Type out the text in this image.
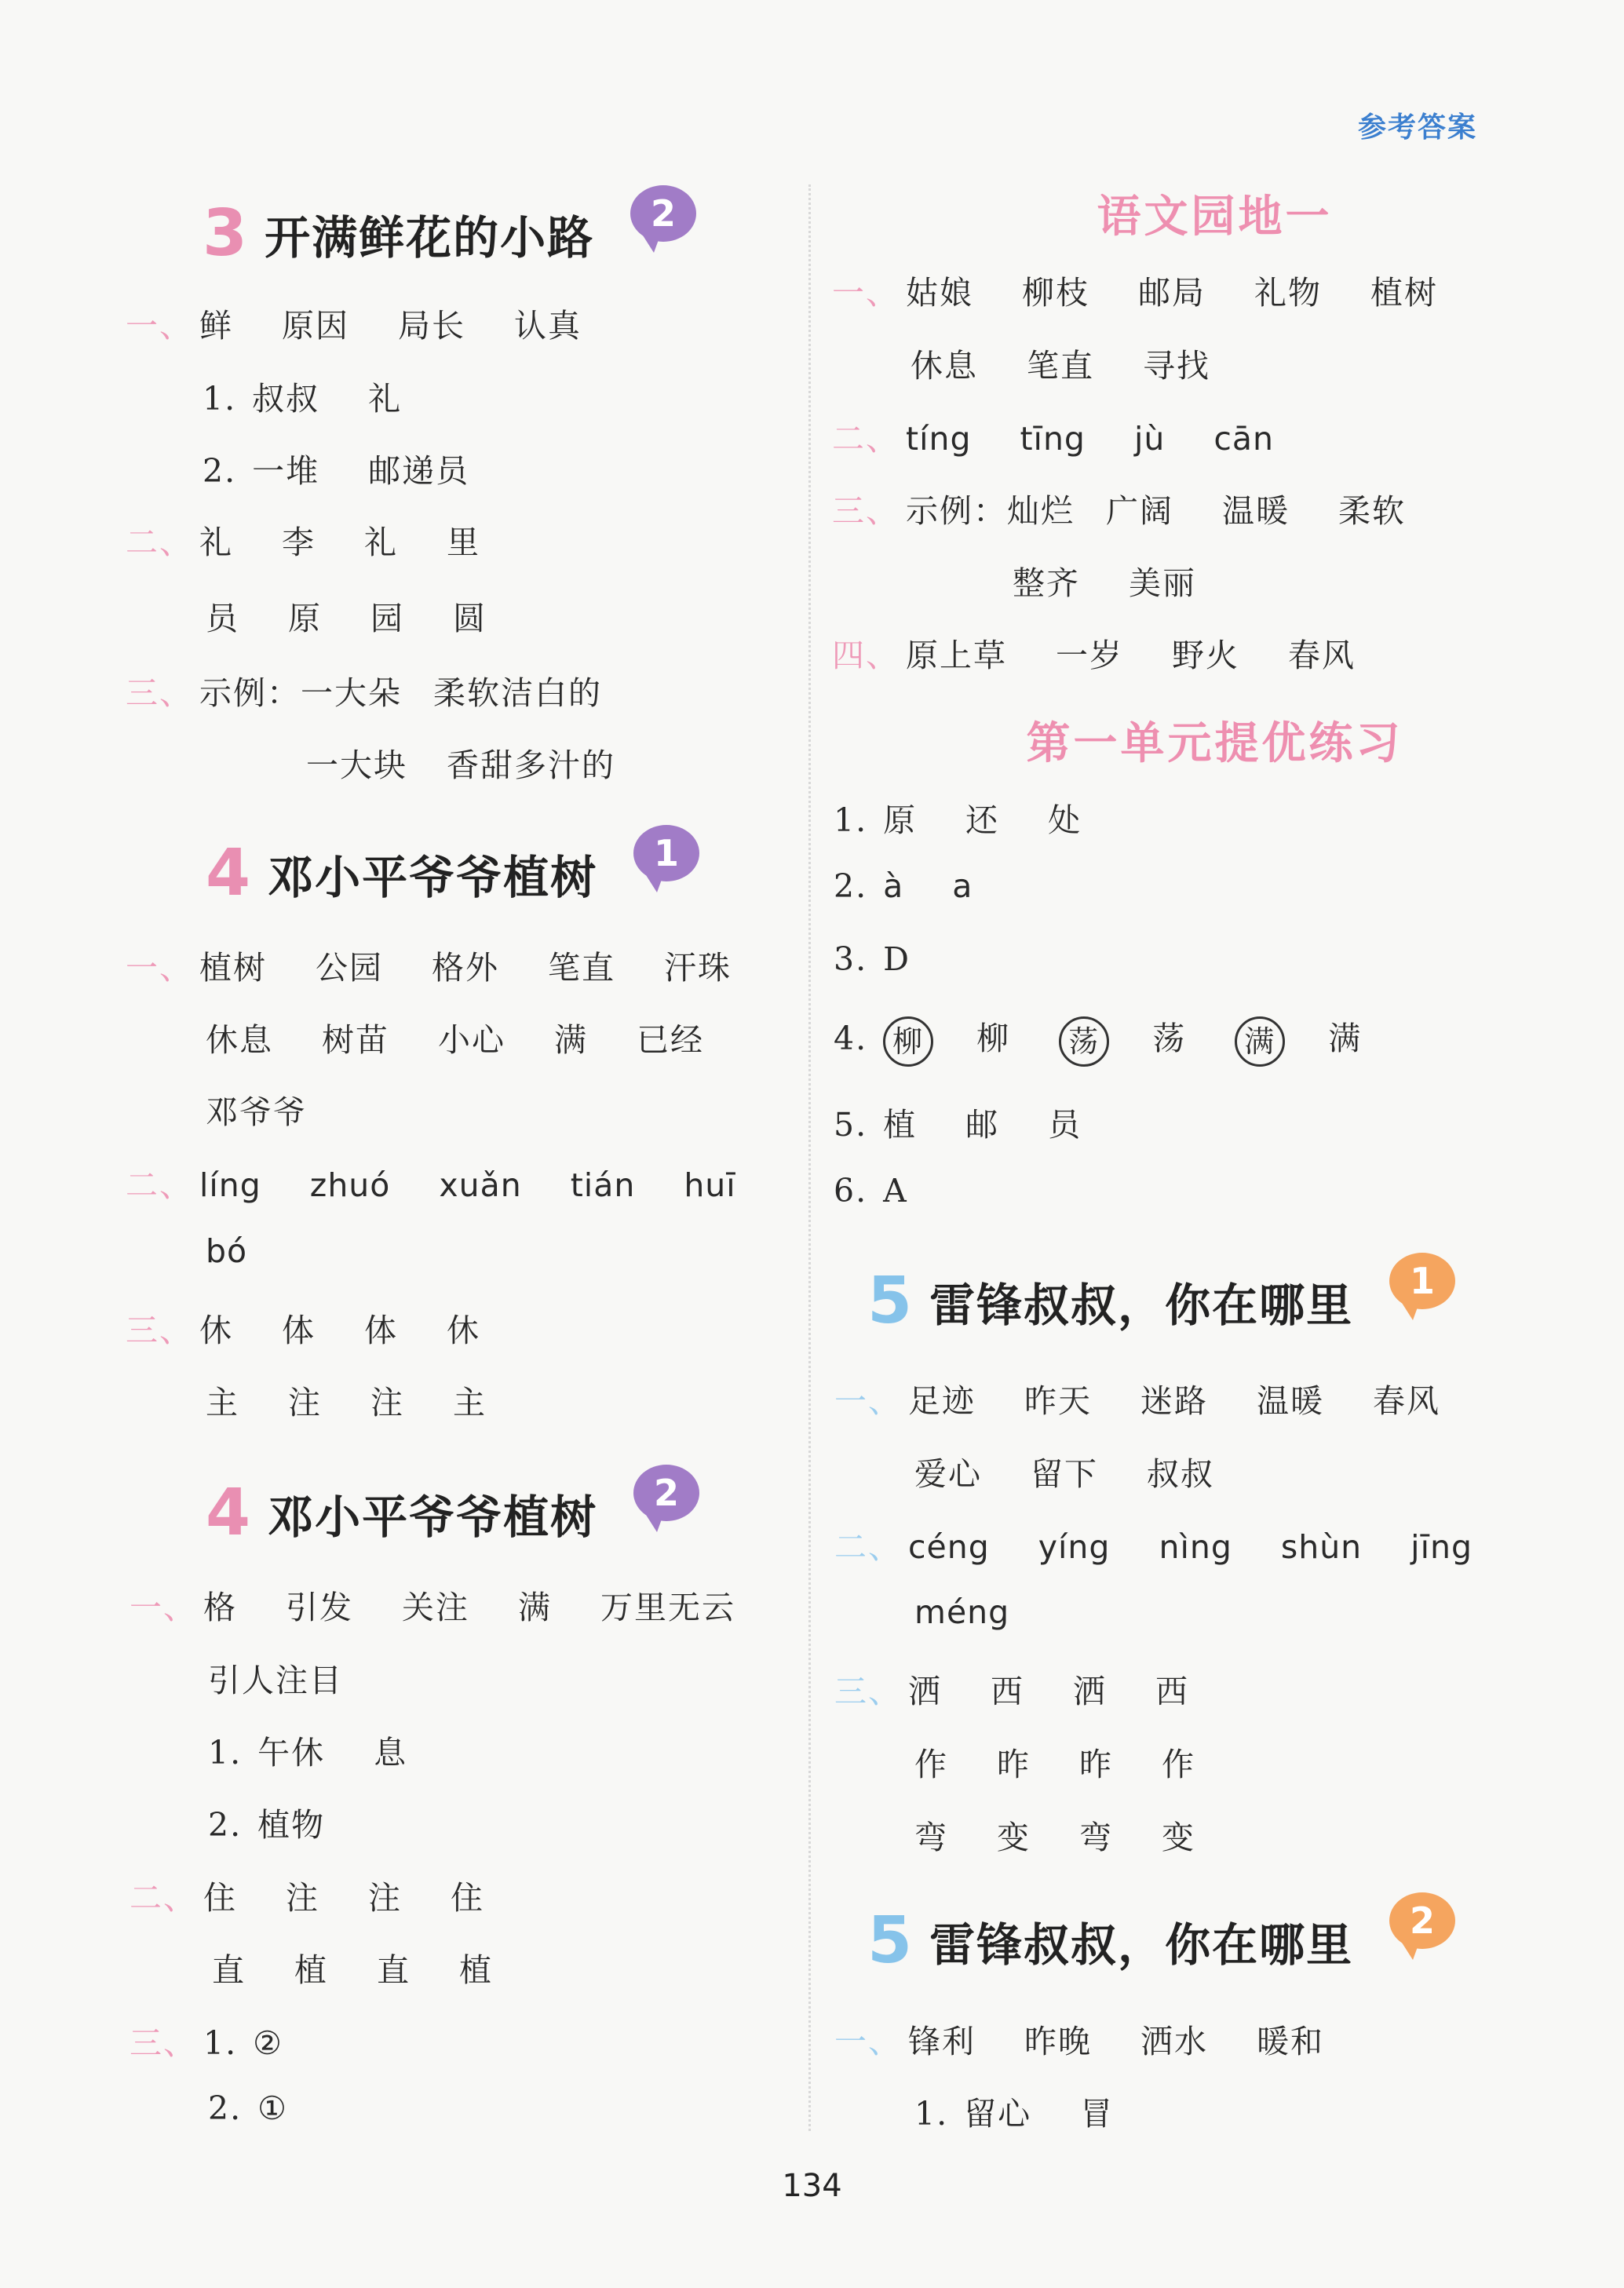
参考答案
3 开满鲜花的小路	2
一、 鲜 原因 局长 认真
1. 叔叔 礼
2. 一堆 邮递员
二、 礼 李 礼 里
员 原 园 圆
三、 示例：一大朵 柔软洁白的
一大块 香甜多汁的
4 邓小平爷爷植树	1
一、 植树 公园 格外 笔直 汗珠
休息 树苗 小心 满 已经
邓爷爷
二、 líng zhuó xuǎn tián huī
bó
三、 休 体 体 休
主 注 注 主
4 邓小平爷爷植树	2
一、 格 引发 关注 满 万里无云
引人注目
1. 午休 息
2. 植物
二、 住 注 注 住
直 植 直 植
三、 1. ②
2. ①
语文园地一
一、 姑娘 柳枝 邮局 礼物 植树
休息 笔直 寻找
二、 tíng tīng jù cān
三、 示例：灿烂 广阔 温暖 柔软
整齐 美丽
四、 原上草 一岁 野火 春风
第一单元提优练习
1. 原 还 处
2. à a
3. D
4. 柳 柳 荡 荡 满 满
5. 植 邮 员
6. A
5 雷锋叔叔，你在哪里	1
一、 足迹 昨天 迷路 温暖 春风
爱心 留下 叔叔
二、 céng yíng nìng shùn jīng
méng
三、 洒 西 洒 西
作 昨 昨 作
弯 变 弯 变
5 雷锋叔叔，你在哪里	2
一、 锋利 昨晚 洒水 暖和
1. 留心 冒
134
